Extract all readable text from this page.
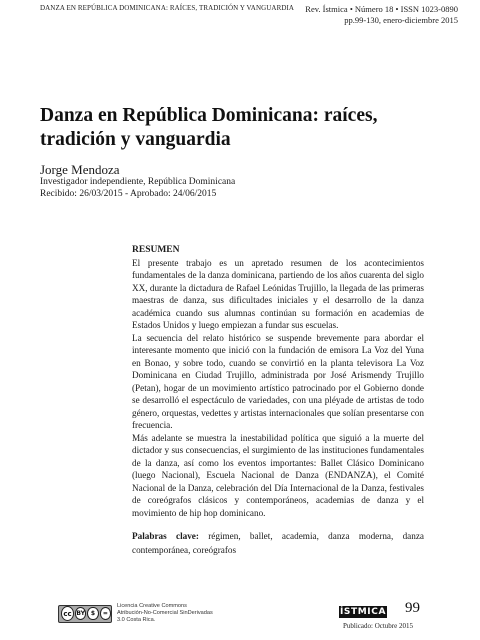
DANZA EN REPÚBLICA DOMINICANA: RAÍCES, TRADICIÓN Y VANGUARDIA Rev. Ístmica • Número 18 • ISSN 1023-0890
pp.99-130, enero-diciembre 2015
Danza en República Dominicana: raíces, tradición y vanguardia
Jorge Mendoza
Investigador independiente, República Dominicana
Recibido: 26/03/2015 - Aprobado: 24/06/2015
RESUMEN

El presente trabajo es un apretado resumen de los acontecimientos fundamentales de la danza dominicana, partiendo de los años cuarenta del siglo XX, durante la dictadura de Rafael Leónidas Trujillo, la llegada de las primeras maestras de danza, sus dificultades iniciales y el desarrollo de la danza académica cuando sus alumnas continúan su formación en academias de Estados Unidos y luego empiezan a fundar sus escuelas.

La secuencia del relato histórico se suspende brevemente para abordar el interesante momento que inició con la fundación de emisora La Voz del Yuna en Bonao, y sobre todo, cuando se convirtió en la planta televisora La Voz Dominicana en Ciudad Trujillo, administrada por José Arismendy Trujillo (Petan), hogar de un movimiento artístico patrocinado por el Gobierno donde se desarrolló el espectáculo de variedades, con una pléyade de artistas de todo género, orquestas, vedettes y artistas internacionales que solían presentarse con frecuencia.

Más adelante se muestra la inestabilidad política que siguió a la muerte del dictador y sus consecuencias, el surgimiento de las instituciones fundamentales de la danza, así como los eventos importantes: Ballet Clásico Dominicano (luego Nacional), Escuela Nacional de Danza (ENDANZA), el Comité Nacional de la Danza, celebración del Día Internacional de la Danza, festivales de coreógrafos clásicos y contemporáneos, academias de danza y el movimiento de hip hop dominicano.

Palabras clave: régimen, ballet, academia, danza moderna, danza contemporánea, coreógrafos
cc BY $	=
Licencia Creative Commons
Atribución-No-Comercial SinDerivadas
3.0 Costa Rica.
ÍSTMICA
Publicado: Octubre 2015
99
